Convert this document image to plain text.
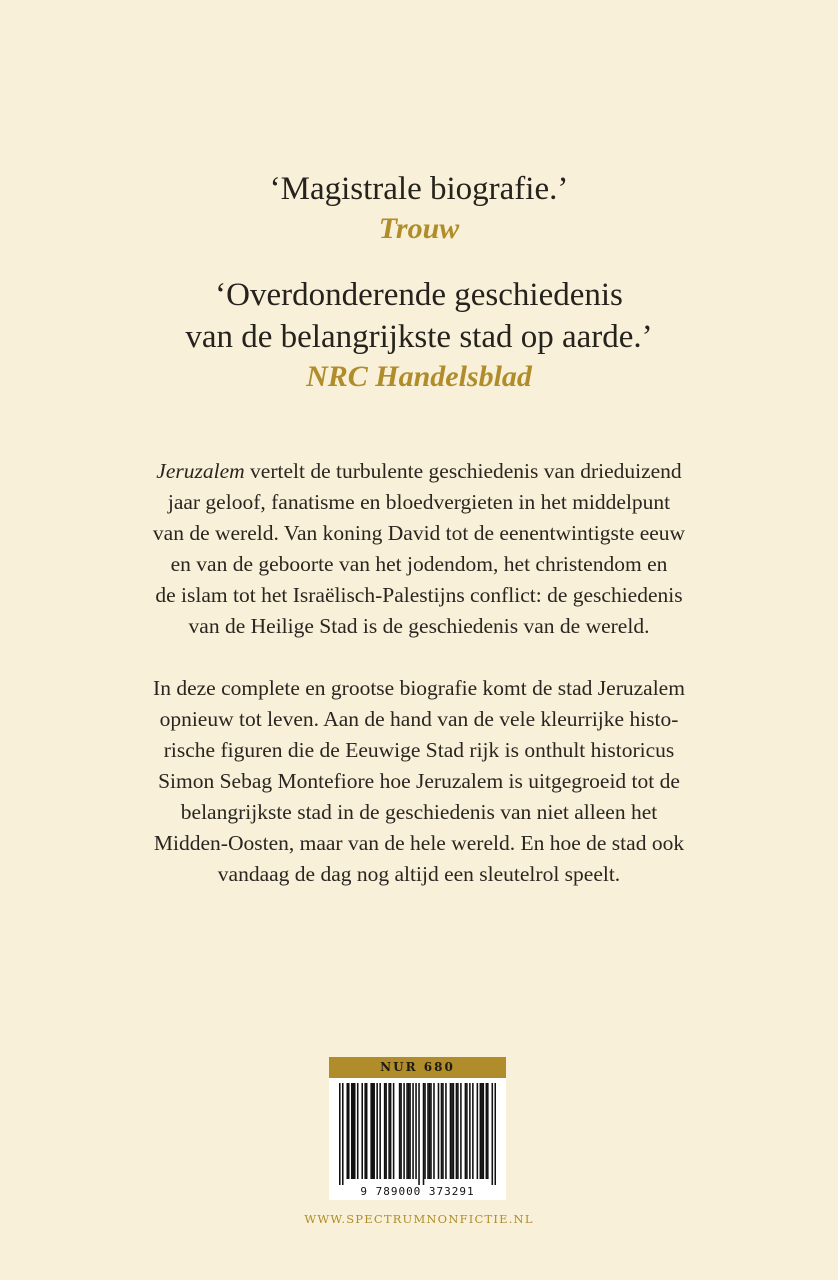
‘Magistrale biografie.’

Trouw

‘Overdonderende geschiedenis

van de belangrijkste stad op aarde.’

NRC Handelsblad

Jeruzalem vertelt de turbulente geschiedenis van drieduizend
jaar geloof, fanatisme en bloedvergieten in het middelpunt
van de wereld. Van koning David tot de eenentwintigste eeuw
en van de geboorte van het jodendom, het christendom en
de islam tot het Israëlisch-Palestijns conflict: de geschiedenis
van de Heilige Stad is de geschiedenis van de wereld.

In deze complete en grootse biografie komt de stad Jeruzalem
opnieuw tot leven. Aan de hand van de vele kleurrijke histo-
rische figuren die de Eeuwige Stad rijk is onthult historicus
Simon Sebag Montefiore hoe Jeruzalem is uitgegroeid tot de
belangrijkste stad in de geschiedenis van niet alleen het
Midden-Oosten, maar van de hele wereld. En hoe de stad ook
vandaag de dag nog altijd een sleutelrol speelt.

NUR 680
9 789000 373291
WWW.SPECTRUMNONFICTIE.NL
